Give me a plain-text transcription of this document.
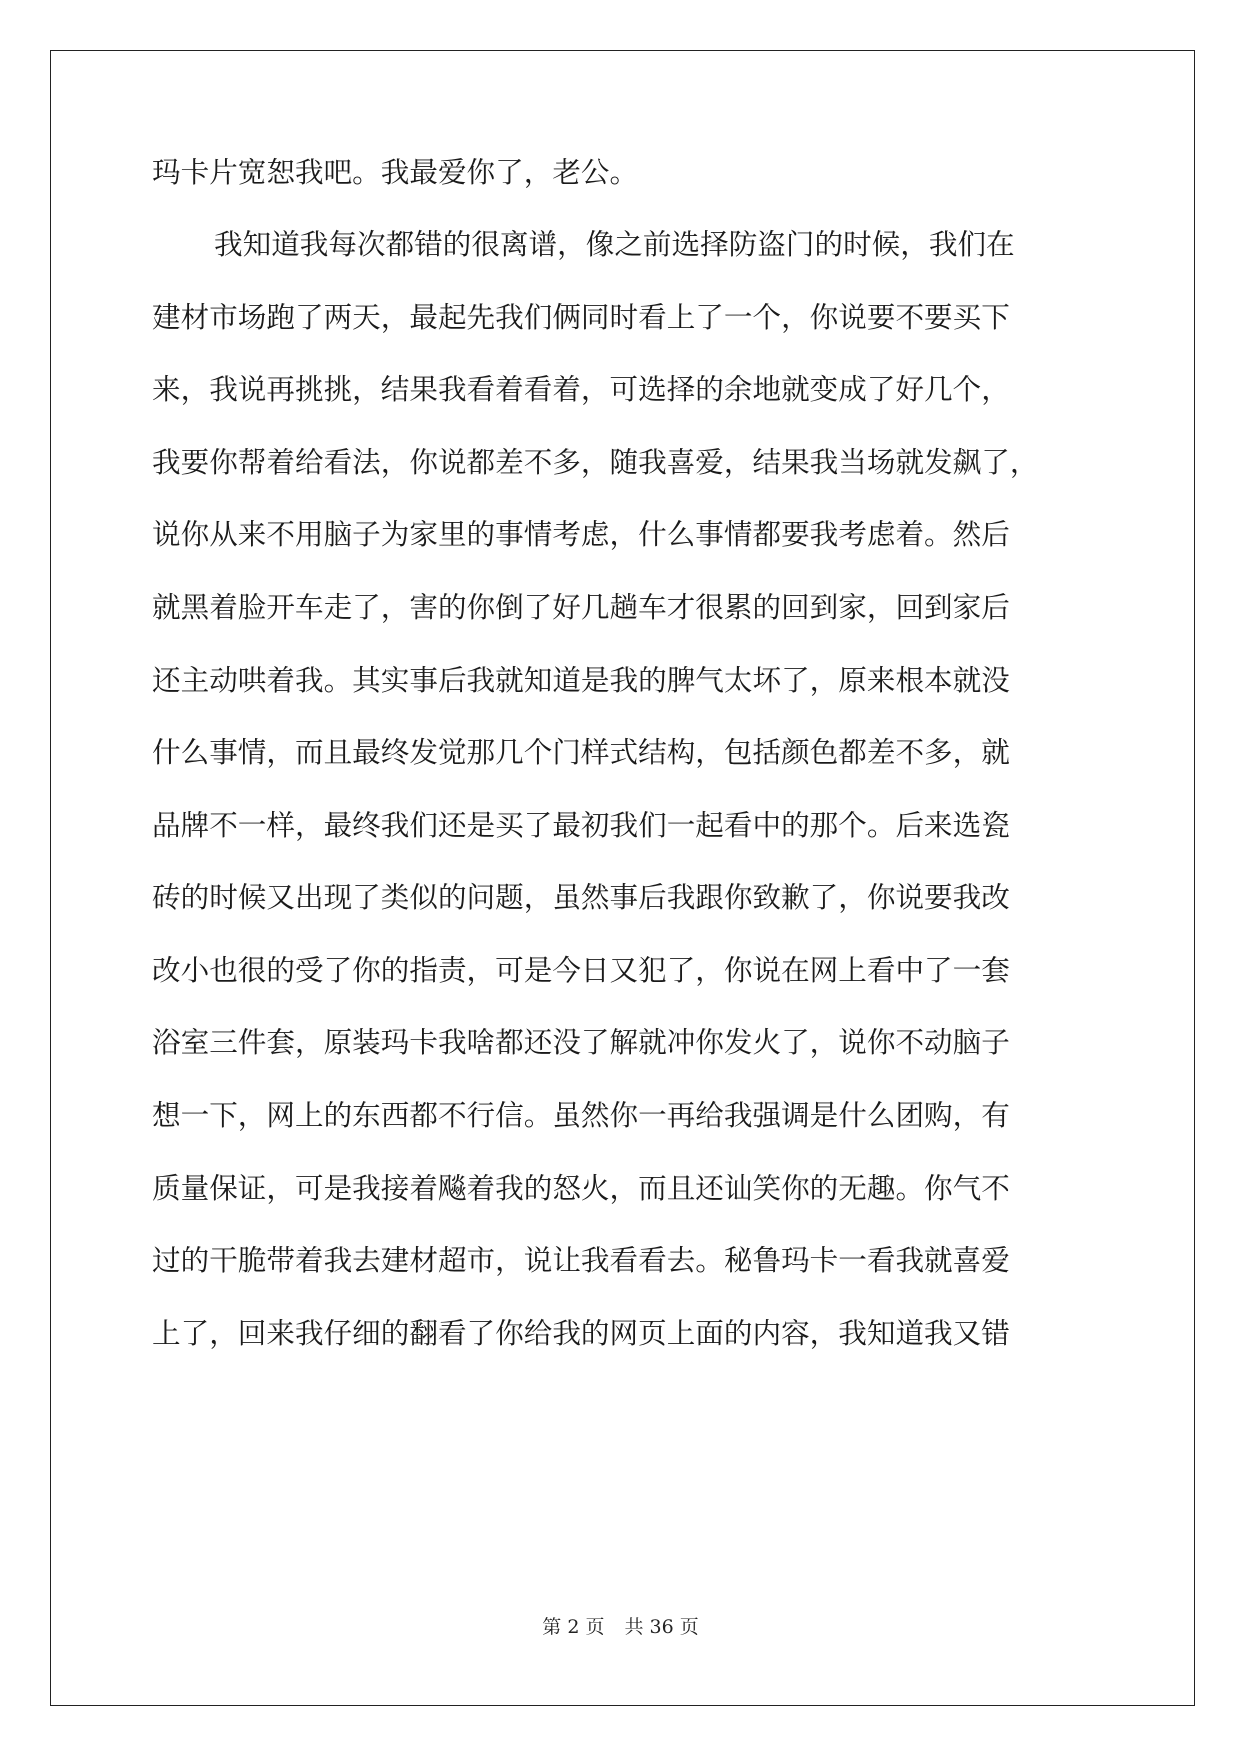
玛卡片宽恕我吧。我最爱你了，老公。
我知道我每次都错的很离谱，像之前选择防盗门的时候，我们在
建材市场跑了两天，最起先我们俩同时看上了一个，你说要不要买下
来，我说再挑挑，结果我看着看着，可选择的余地就变成了好几个，
我要你帮着给看法，你说都差不多，随我喜爱，结果我当场就发飙了，
说你从来不用脑子为家里的事情考虑，什么事情都要我考虑着。然后
就黑着脸开车走了，害的你倒了好几趟车才很累的回到家，回到家后
还主动哄着我。其实事后我就知道是我的脾气太坏了，原来根本就没
什么事情，而且最终发觉那几个门样式结构，包括颜色都差不多，就
品牌不一样，最终我们还是买了最初我们一起看中的那个。后来选瓷
砖的时候又出现了类似的问题，虽然事后我跟你致歉了，你说要我改
改小也很的受了你的指责，可是今日又犯了，你说在网上看中了一套
浴室三件套，原装玛卡我啥都还没了解就冲你发火了，说你不动脑子
想一下，网上的东西都不行信。虽然你一再给我强调是什么团购，有
质量保证，可是我接着飚着我的怒火，而且还讪笑你的无趣。你气不
过的干脆带着我去建材超市，说让我看看去。秘鲁玛卡一看我就喜爱
上了，回来我仔细的翻看了你给我的网页上面的内容，我知道我又错
第 2 页 共 36 页
